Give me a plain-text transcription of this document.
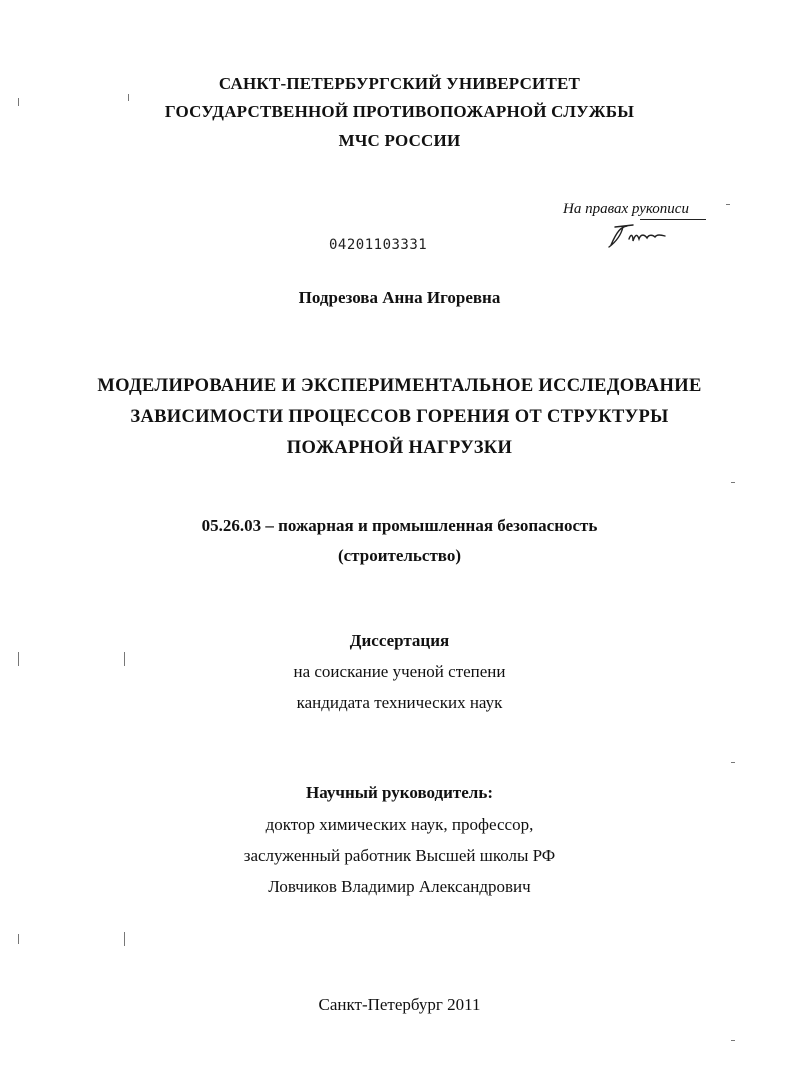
САНКТ-ПЕТЕРБУРГСКИЙ УНИВЕРСИТЕТ
ГОСУДАРСТВЕННОЙ ПРОТИВОПОЖАРНОЙ СЛУЖБЫ
МЧС РОССИИ
На правах рукописи
04201103331
Подрезова Анна Игоревна
МОДЕЛИРОВАНИЕ И ЭКСПЕРИМЕНТАЛЬНОЕ ИССЛЕДОВАНИЕ
ЗАВИСИМОСТИ ПРОЦЕССОВ ГОРЕНИЯ ОТ СТРУКТУРЫ
ПОЖАРНОЙ НАГРУЗКИ
05.26.03 – пожарная и промышленная безопасность
(строительство)
Диссертация
на соискание ученой степени
кандидата технических наук
Научный руководитель:
доктор химических наук, профессор,
заслуженный работник Высшей школы РФ
Ловчиков Владимир Александрович
Санкт-Петербург 2011
